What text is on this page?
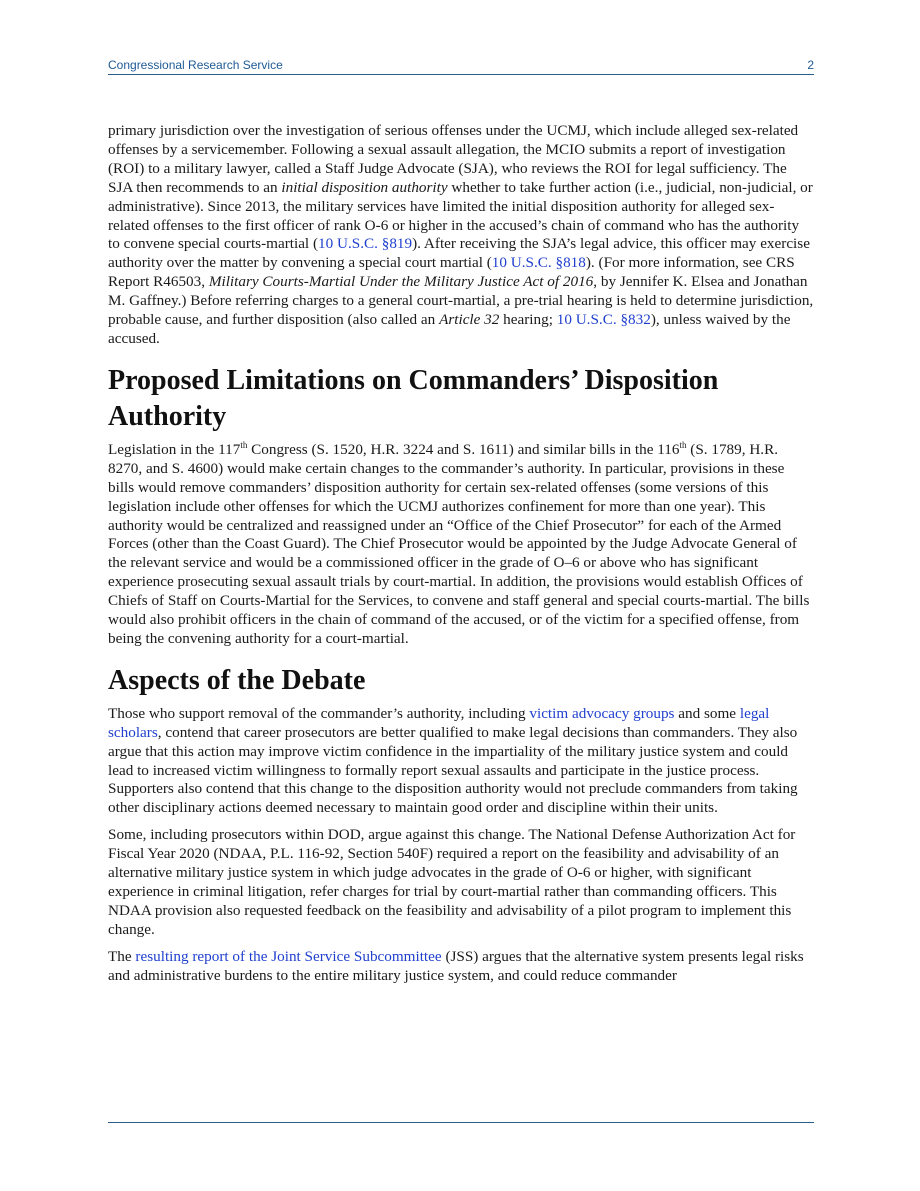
Congressional Research Service	2

primary jurisdiction over the investigation of serious offenses under the UCMJ, which include alleged sex-related offenses by a servicemember. Following a sexual assault allegation, the MCIO submits a report of investigation (ROI) to a military lawyer, called a Staff Judge Advocate (SJA), who reviews the ROI for legal sufficiency. The SJA then recommends to an initial disposition authority whether to take further action (i.e., judicial, non-judicial, or administrative). Since 2013, the military services have limited the initial disposition authority for alleged sex-related offenses to the first officer of rank O-6 or higher in the accused’s chain of command who has the authority to convene special courts-martial (10 U.S.C. §819). After receiving the SJA’s legal advice, this officer may exercise authority over the matter by convening a special court martial (10 U.S.C. §818). (For more information, see CRS Report R46503, Military Courts-Martial Under the Military Justice Act of 2016, by Jennifer K. Elsea and Jonathan M. Gaffney.) Before referring charges to a general court-martial, a pre-trial hearing is held to determine jurisdiction, probable cause, and further disposition (also called an Article 32 hearing; 10 U.S.C. §832), unless waived by the accused.

Proposed Limitations on Commanders’ Disposition Authority

Legislation in the 117th Congress (S. 1520, H.R. 3224 and S. 1611) and similar bills in the 116th (S. 1789, H.R. 8270, and S. 4600) would make certain changes to the commander’s authority. In particular, provisions in these bills would remove commanders’ disposition authority for certain sex-related offenses (some versions of this legislation include other offenses for which the UCMJ authorizes confinement for more than one year). This authority would be centralized and reassigned under an “Office of the Chief Prosecutor” for each of the Armed Forces (other than the Coast Guard). The Chief Prosecutor would be appointed by the Judge Advocate General of the relevant service and would be a commissioned officer in the grade of O–6 or above who has significant experience prosecuting sexual assault trials by court-martial. In addition, the provisions would establish Offices of Chiefs of Staff on Courts-Martial for the Services, to convene and staff general and special courts-martial. The bills would also prohibit officers in the chain of command of the accused, or of the victim for a specified offense, from being the convening authority for a court-martial.

Aspects of the Debate

Those who support removal of the commander’s authority, including victim advocacy groups and some legal scholars, contend that career prosecutors are better qualified to make legal decisions than commanders. They also argue that this action may improve victim confidence in the impartiality of the military justice system and could lead to increased victim willingness to formally report sexual assaults and participate in the justice process. Supporters also contend that this change to the disposition authority would not preclude commanders from taking other disciplinary actions deemed necessary to maintain good order and discipline within their units.

Some, including prosecutors within DOD, argue against this change. The National Defense Authorization Act for Fiscal Year 2020 (NDAA, P.L. 116-92, Section 540F) required a report on the feasibility and advisability of an alternative military justice system in which judge advocates in the grade of O-6 or higher, with significant experience in criminal litigation, refer charges for trial by court-martial rather than commanding officers. This NDAA provision also requested feedback on the feasibility and advisability of a pilot program to implement this change.

The resulting report of the Joint Service Subcommittee (JSS) argues that the alternative system presents legal risks and administrative burdens to the entire military justice system, and could reduce commander
